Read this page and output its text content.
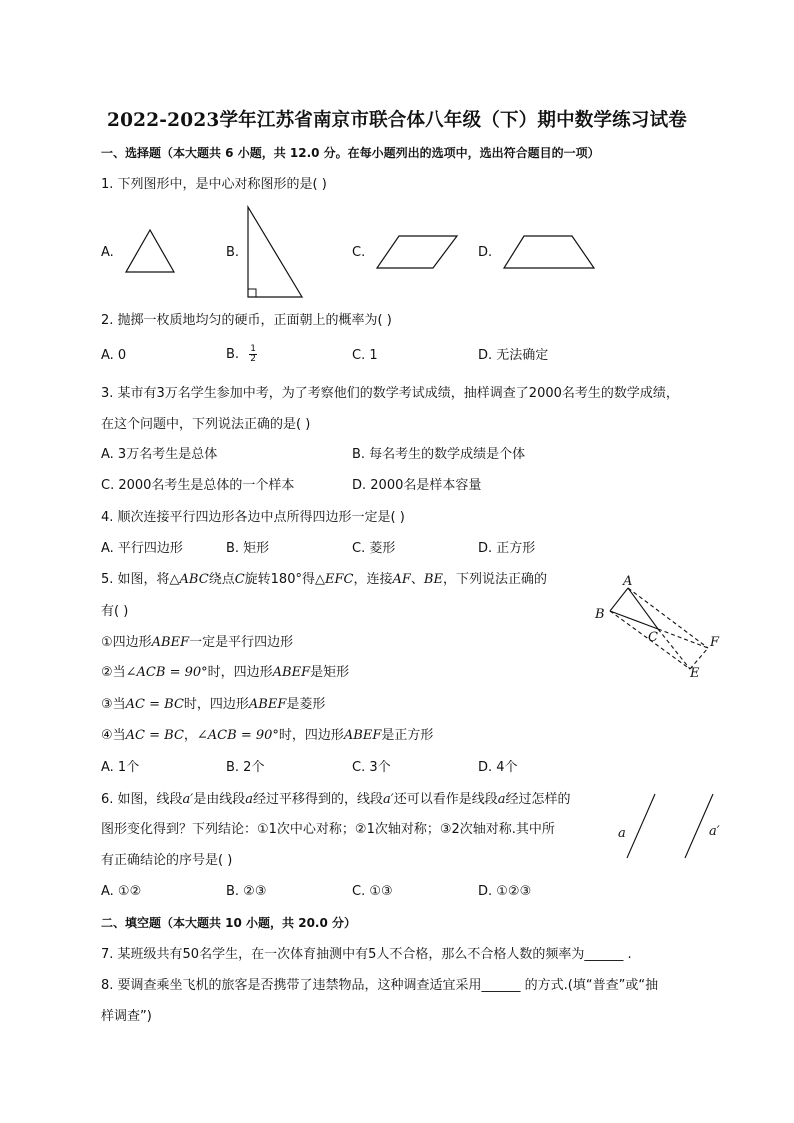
2022-2023学年江苏省南京市联合体八年级（下）期中数学练习试卷
一、选择题（本大题共 6 小题，共 12.0 分。在每小题列出的选项中，选出符合题目的一项）
1. 下列图形中，是中心对称图形的是( )
A.	B.	C.	D.
2. 抛掷一枚质地均匀的硬币，正面朝上的概率为( )
A. 0	B. $\frac{1}{2}$	C. 1	D. 无法确定
3. 某市有3万名学生参加中考，为了考察他们的数学考试成绩，抽样调查了2000名考生的数学成绩，
在这个问题中，下列说法正确的是( )
A. 3万名考生是总体	B. 每名考生的数学成绩是个体
C. 2000名考生是总体的一个样本	D. 2000名是样本容量
4. 顺次连接平行四边形各边中点所得四边形一定是( )
A. 平行四边形	B. 矩形	C. 菱形	D. 正方形
5. 如图，将△ABC绕点C旋转180°得△EFC，连接AF、BE，下列说法正确的
有( )
①四边形ABEF一定是平行四边形
②当∠ACB = 90°时，四边形ABEF是矩形
③当AC = BC时，四边形ABEF是菱形
④当AC = BC，∠ACB = 90°时，四边形ABEF是正方形
A. 1个	B. 2个	C. 3个	D. 4个
A
B
C	F
E
6. 如图，线段a′是由线段a经过平移得到的，线段a′还可以看作是线段a经过怎样的
图形变化得到？下列结论：①1次中心对称；②1次轴对称；③2次轴对称.其中所
有正确结论的序号是( )
A. ①②	B. ②③	C. ①③	D. ①②③
a	a′
二、填空题（本大题共 10 小题，共 20.0 分）
7. 某班级共有50名学生，在一次体育抽测中有5人不合格，那么不合格人数的频率为______ .
8. 要调查乘坐飞机的旅客是否携带了违禁物品，这种调查适宜采用______ 的方式.(填“普查”或“抽
样调查”)
